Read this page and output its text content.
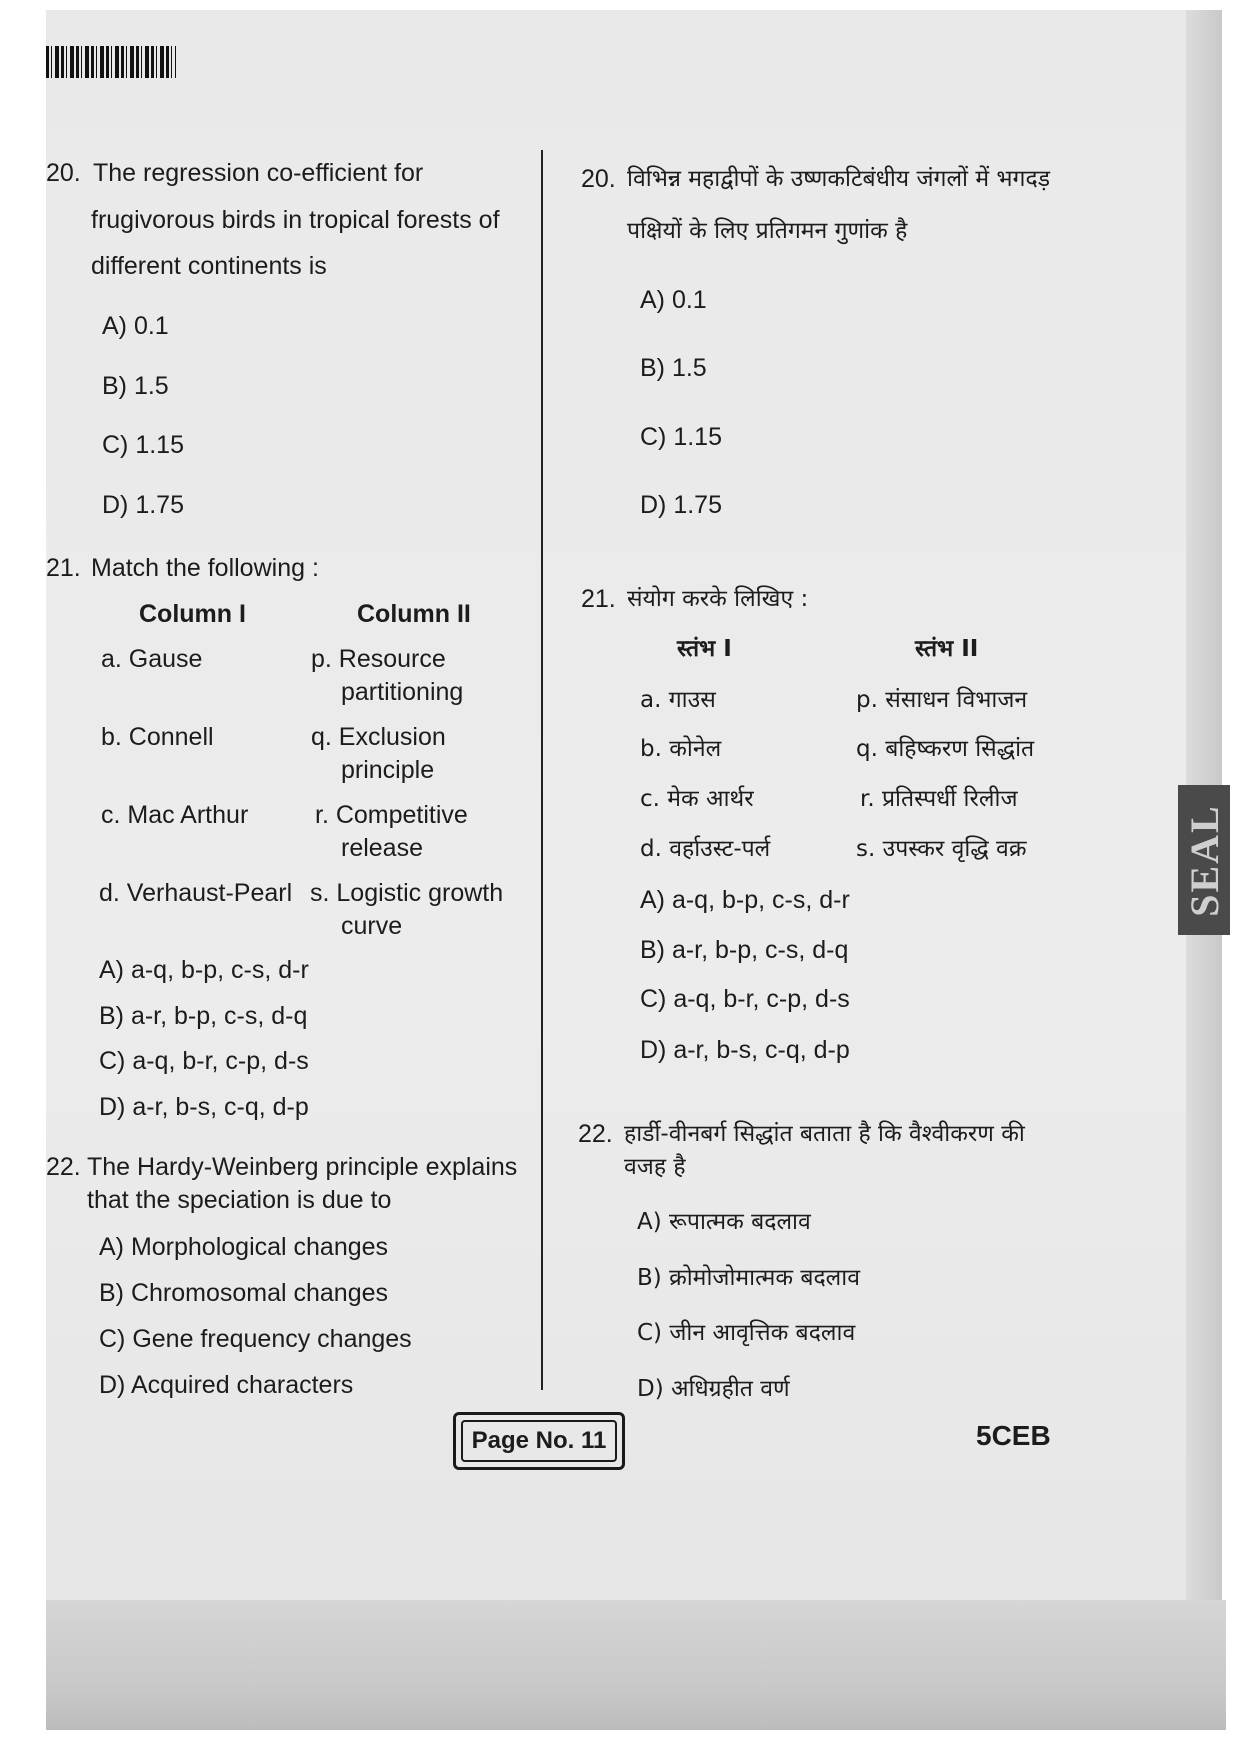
20. The regression co-efficient for
frugivorous birds in tropical forests of
different continents is
A) 0.1
B) 1.5
C) 1.15
D) 1.75
21. Match the following :
Column I	Column II
a. Gause	p. Resource
partitioning
b. Connell	q. Exclusion
principle
c. Mac Arthur	r. Competitive
release
d. Verhaust-Pearl s. Logistic growth
curve
A) a-q, b-p, c-s, d-r
B) a-r, b-p, c-s, d-q
C) a-q, b-r, c-p, d-s
D) a-r, b-s, c-q, d-p
22. The Hardy-Weinberg principle explains
that the speciation is due to
A) Morphological changes
B) Chromosomal changes
C) Gene frequency changes
D) Acquired characters
20. विभिन्न महाद्वीपों के उष्णकटिबंधीय जंगलों में भगदड़
पक्षियों के लिए प्रतिगमन गुणांक है
A) 0.1
B) 1.5
C) 1.15
D) 1.75
21. संयोग करके लिखिए :
स्तंभ I	स्तंभ II
a. गाउस	p. संसाधन विभाजन
b. कोनेल	q. बहिष्करण सिद्धांत
c. मेक आर्थर	r. प्रतिस्पर्धी रिलीज
d. वर्हाउस्ट-पर्ल	s. उपस्कर वृद्धि वक्र
A) a-q, b-p, c-s, d-r
B) a-r, b-p, c-s, d-q
C) a-q, b-r, c-p, d-s
D) a-r, b-s, c-q, d-p
22. हार्डी-वीनबर्ग सिद्धांत बताता है कि वैश्वीकरण की
वजह है
A) रूपात्मक बदलाव
B) क्रोमोजोमात्मक बदलाव
C) जीन आवृत्तिक बदलाव
D) अधिग्रहीत वर्ण
Page No. 11	5CEB
SEAL
